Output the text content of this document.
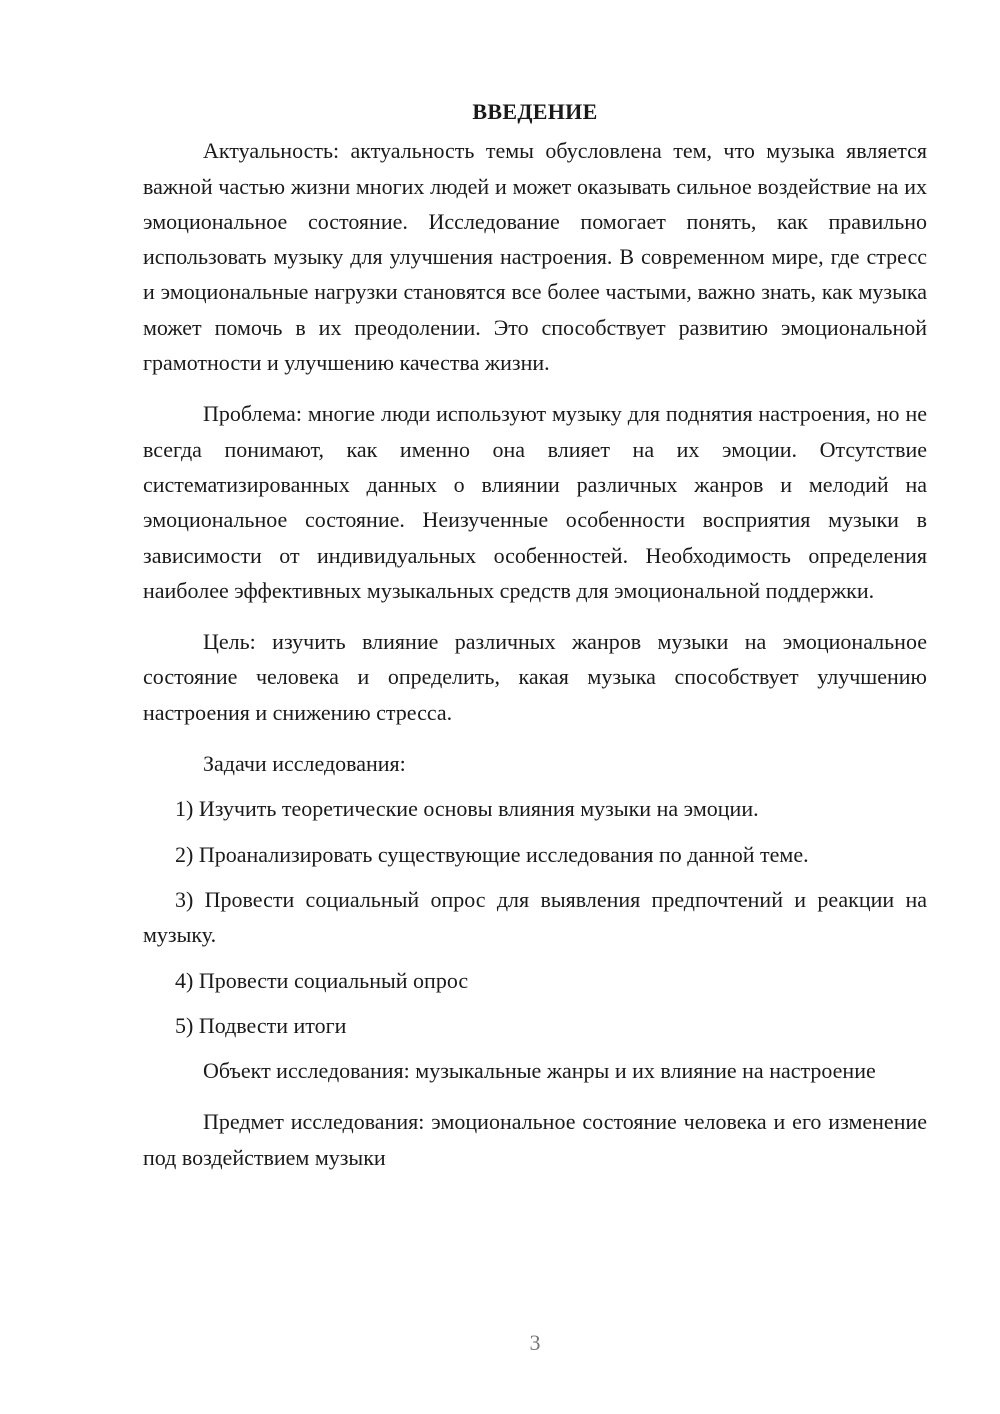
ВВЕДЕНИЕ

Актуальность: актуальность темы обусловлена тем, что музыка является важной частью жизни многих людей и может оказывать сильное воздействие на их эмоциональное состояние. Исследование помогает понять, как правильно использовать музыку для улучшения настроения. В современном мире, где стресс и эмоциональные нагрузки становятся все более частыми, важно знать, как музыка может помочь в их преодолении. Это способствует развитию эмоциональной грамотности и улучшению качества жизни.

Проблема: многие люди используют музыку для поднятия настроения, но не всегда понимают, как именно она влияет на их эмоции. Отсутствие систематизированных данных о влиянии различных жанров и мелодий на эмоциональное состояние. Неизученные особенности восприятия музыки в зависимости от индивидуальных особенностей. Необходимость определения наиболее эффективных музыкальных средств для эмоциональной поддержки.

Цель: изучить влияние различных жанров музыки на эмоциональное состояние человека и определить, какая музыка способствует улучшению настроения и снижению стресса.

Задачи исследования:

1) Изучить теоретические основы влияния музыки на эмоции.

2) Проанализировать существующие исследования по данной теме.

3) Провести социальный опрос для выявления предпочтений и реакции на музыку.

4) Провести социальный опрос

5) Подвести итоги

Объект исследования: музыкальные жанры и их влияние на настроение

Предмет исследования: эмоциональное состояние человека и его изменение под воздействием музыки

3
